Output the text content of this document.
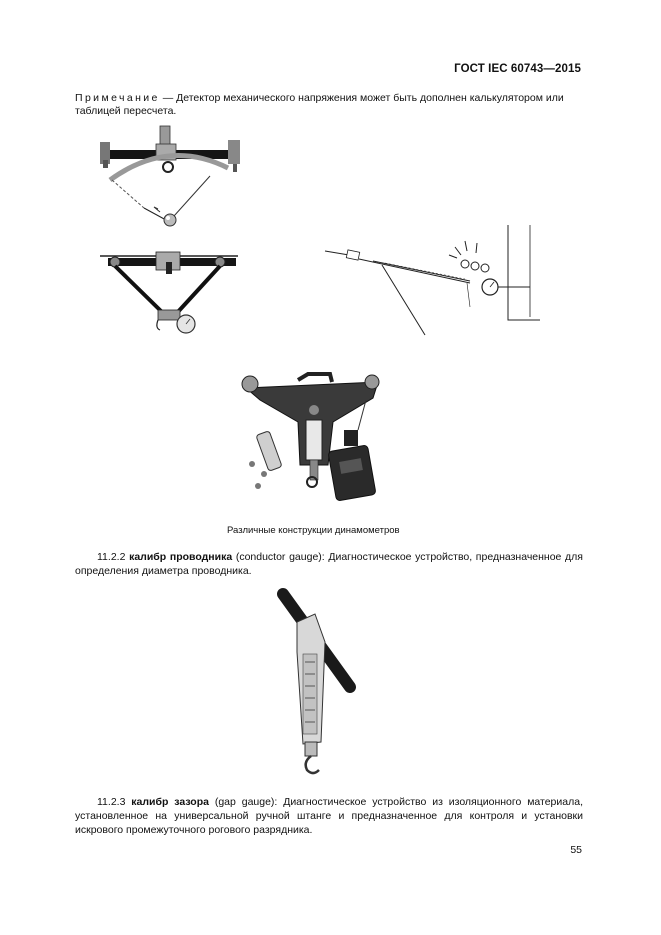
ГОСТ IEC 60743—2015
Примечание — Детектор механического напряжения может быть дополнен калькулятором или таблицей пересчета.
Различные конструкции динамометров
11.2.2 калибр проводника (conductor gauge): Диагностическое устройство, предназначенное для определения диаметра проводника.
11.2.3 калибр зазора (gap gauge): Диагностическое устройство из изоляционного материала, установленное на универсальной ручной штанге и предназначенное для контроля и установки искрового промежуточного рогового разрядника.
55
